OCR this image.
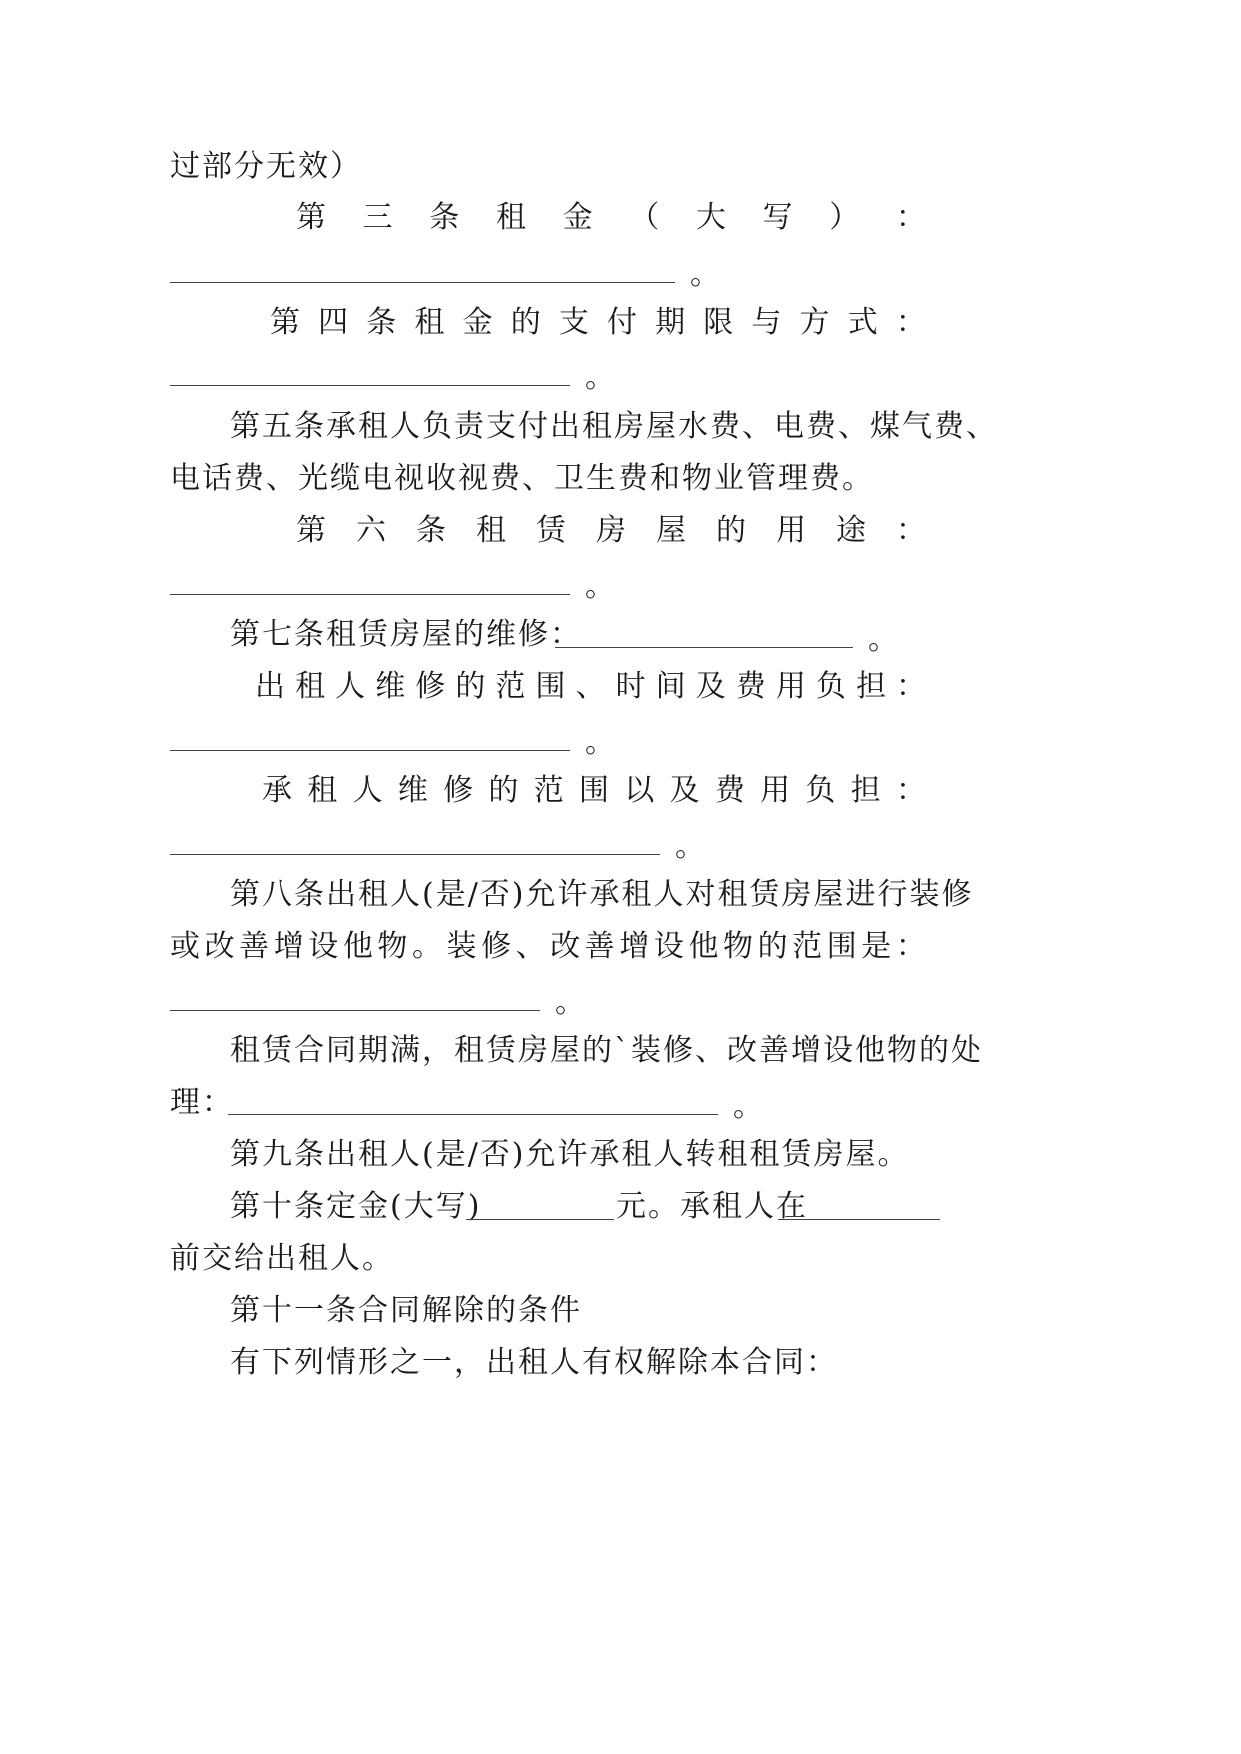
过部分无效）
第 三 条 租 金 （ 大 写 ） ：
。
第 四 条 租 金 的 支 付 期 限 与 方 式 ：
。
第五条承租人负责支付出租房屋水费、电费、煤气费、
电话费、光缆电视收视费、卫生费和物业管理费。
第 六 条 租 赁 房 屋 的 用 途 ：
。
第七条租赁房屋的维修：	。
出 租 人 维 修 的 范 围 、 时 间 及 费 用 负 担 ：
。
承 租 人 维 修 的 范 围 以 及 费 用 负 担 ：
。
第八条出租人(是/否)允许承租人对租赁房屋进行装修
或 改 善 增 设 他 物 。 装 修 、 改 善 增 设 他 物 的 范 围 是 ：
。
租赁合同期满，租赁房屋的`装修、改善增设他物的处
理：	。
第九条出租人(是/否)允许承租人转租租赁房屋。
第十条定金(大写)	元。承租人在
前交给出租人。
第十一条合同解除的条件
有下列情形之一，出租人有权解除本合同：
